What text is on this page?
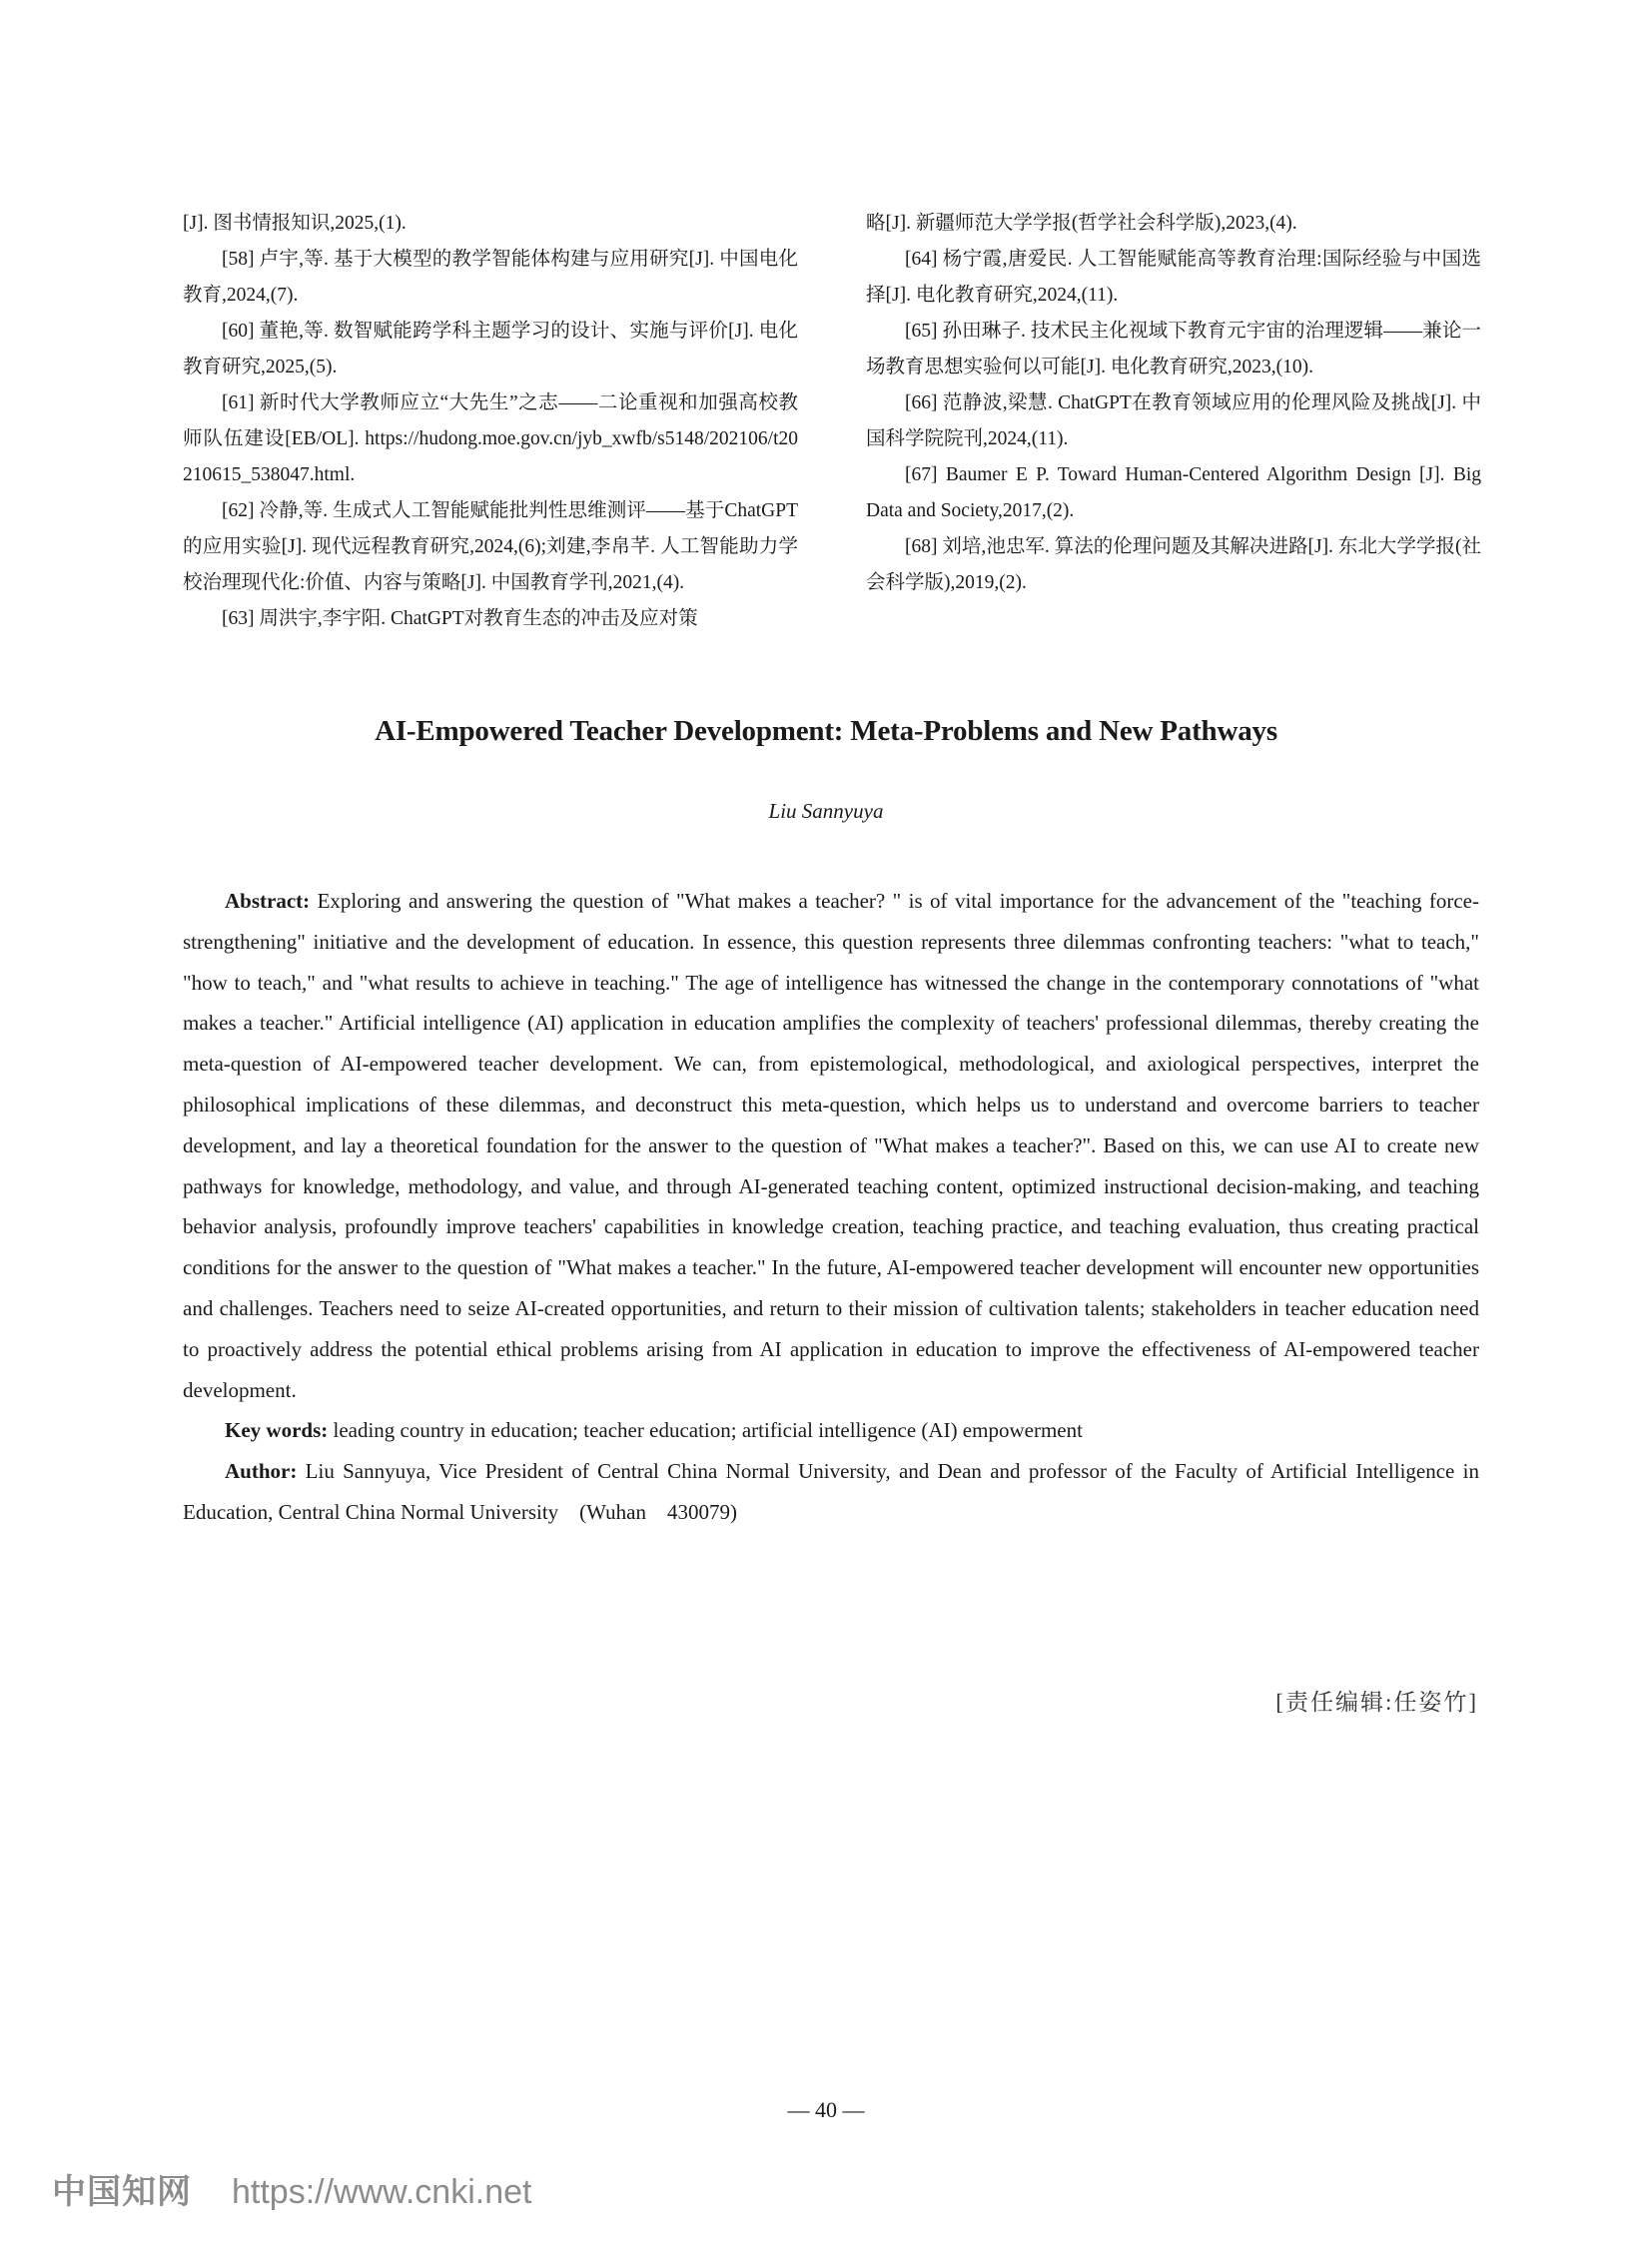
[J]. 图书情报知识,2025,(1).

[58] 卢宇,等. 基于大模型的教学智能体构建与应用研究[J]. 中国电化教育,2024,(7).

[60] 董艳,等. 数智赋能跨学科主题学习的设计、实施与评价[J]. 电化教育研究,2025,(5).

[61] 新时代大学教师应立“大先生”之志——二论重视和加强高校教师队伍建设[EB/OL]. https://hudong.moe.gov.cn/jyb_xwfb/s5148/202106/t20210615_538047.html.

[62] 冷静,等. 生成式人工智能赋能批判性思维测评——基于ChatGPT的应用实验[J]. 现代远程教育研究,2024,(6);刘建,李帛芊. 人工智能助力学校治理现代化:价值、内容与策略[J]. 中国教育学刊,2021,(4).

[63] 周洪宇,李宇阳. ChatGPT对教育生态的冲击及应对策

略[J]. 新疆师范大学学报(哲学社会科学版),2023,(4).

[64] 杨宁霞,唐爱民. 人工智能赋能高等教育治理:国际经验与中国选择[J]. 电化教育研究,2024,(11).

[65] 孙田琳子. 技术民主化视域下教育元宇宙的治理逻辑——兼论一场教育思想实验何以可能[J]. 电化教育研究,2023,(10).

[66] 范静波,梁慧. ChatGPT在教育领域应用的伦理风险及挑战[J]. 中国科学院院刊,2024,(11).

[67] Baumer E P. Toward Human-Centered Algorithm Design [J]. Big Data and Society,2017,(2).

[68] 刘培,池忠军. 算法的伦理问题及其解决进路[J]. 东北大学学报(社会科学版),2019,(2).

AI-Empowered Teacher Development: Meta-Problems and New Pathways
Liu Sannyuya

Abstract: Exploring and answering the question of "What makes a teacher? " is of vital importance for the advancement of the "teaching force-strengthening" initiative and the development of education. In essence, this question represents three dilemmas confronting teachers: "what to teach," "how to teach," and "what results to achieve in teaching." The age of intelligence has witnessed the change in the contemporary connotations of "what makes a teacher." Artificial intelligence (AI) application in education amplifies the complexity of teachers' professional dilemmas, thereby creating the meta-question of AI-empowered teacher development. We can, from epistemological, methodological, and axiological perspectives, interpret the philosophical implications of these dilemmas, and deconstruct this meta-question, which helps us to understand and overcome barriers to teacher development, and lay a theoretical foundation for the answer to the question of "What makes a teacher?". Based on this, we can use AI to create new pathways for knowledge, methodology, and value, and through AI-generated teaching content, optimized instructional decision-making, and teaching behavior analysis, profoundly improve teachers' capabilities in knowledge creation, teaching practice, and teaching evaluation, thus creating practical conditions for the answer to the question of "What makes a teacher." In the future, AI-empowered teacher development will encounter new opportunities and challenges. Teachers need to seize AI-created opportunities, and return to their mission of cultivation talents; stakeholders in teacher education need to proactively address the potential ethical problems arising from AI application in education to improve the effectiveness of AI-empowered teacher development.

Key words: leading country in education; teacher education; artificial intelligence (AI) empowerment

Author: Liu Sannyuya, Vice President of Central China Normal University, and Dean and professor of the Faculty of Artificial Intelligence in Education, Central China Normal University　(Wuhan　430079)

[责任编辑:任姿竹]
— 40 —
中国知网 https://www.cnki.net
